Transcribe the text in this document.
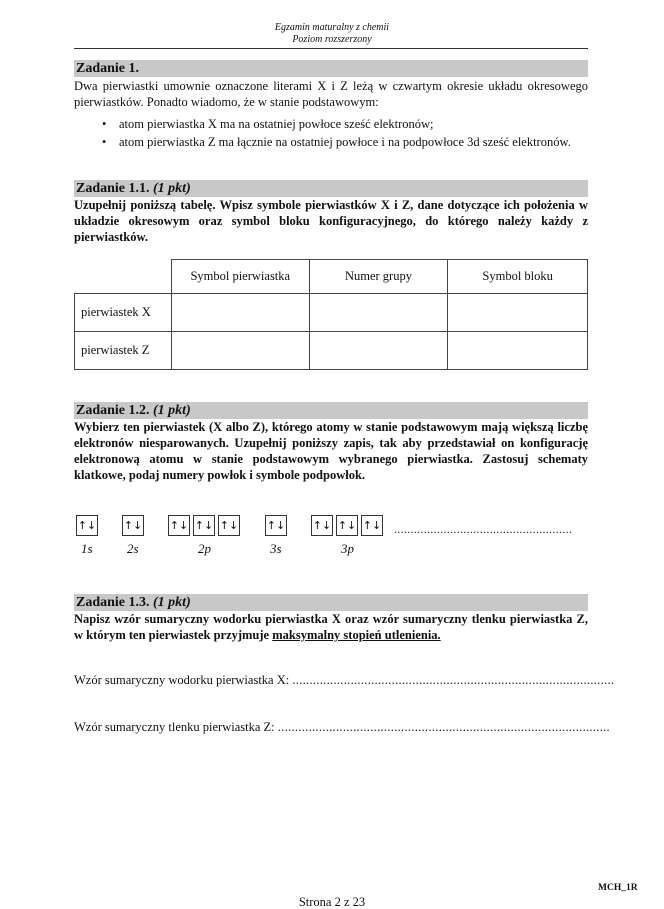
Egzamin maturalny z chemii
Poziom rozszerzony
Zadanie 1.
Dwa pierwiastki umownie oznaczone literami X i Z leżą w czwartym okresie układu okresowego pierwiastków. Ponadto wiadomo, że w stanie podstawowym:
• atom pierwiastka X ma na ostatniej powłoce sześć elektronów;
• atom pierwiastka Z ma łącznie na ostatniej powłoce i na podpowłoce 3d sześć elektronów.
Zadanie 1.1. (1 pkt)
Uzupełnij poniższą tabelę. Wpisz symbole pierwiastków X i Z, dane dotyczące ich położenia w układzie okresowym oraz symbol bloku konfiguracyjnego, do którego należy każdy z pierwiastków.
	Symbol pierwiastka	Numer grupy	Symbol bloku
pierwiastek X			
pierwiastek Z			
Zadanie 1.2. (1 pkt)
Wybierz ten pierwiastek (X albo Z), którego atomy w stanie podstawowym mają większą liczbę elektronów niesparowanych. Uzupełnij poniższy zapis, tak aby przedstawiał on konfigurację elektronową atomu w stanie podstawowym wybranego pierwiastka. Zastosuj schematy klatkowe, podaj numery powłok i symbole podpowłok.
↑↓	↑↓	↑↓ ↑↓ ↑↓	↑↓	↑↓ ↑↓ ↑↓ ......................................................
1s	2s	2p	3s	3p
Zadanie 1.3. (1 pkt)
Napisz wzór sumaryczny wodorku pierwiastka X oraz wzór sumaryczny tlenku pierwiastka Z, w którym ten pierwiastek przyjmuje maksymalny stopień utlenienia.
Wzór sumaryczny wodorku pierwiastka X: ..............................................................................................
Wzór sumaryczny tlenku pierwiastka Z: .................................................................................................
MCH_1R
Strona 2 z 23
